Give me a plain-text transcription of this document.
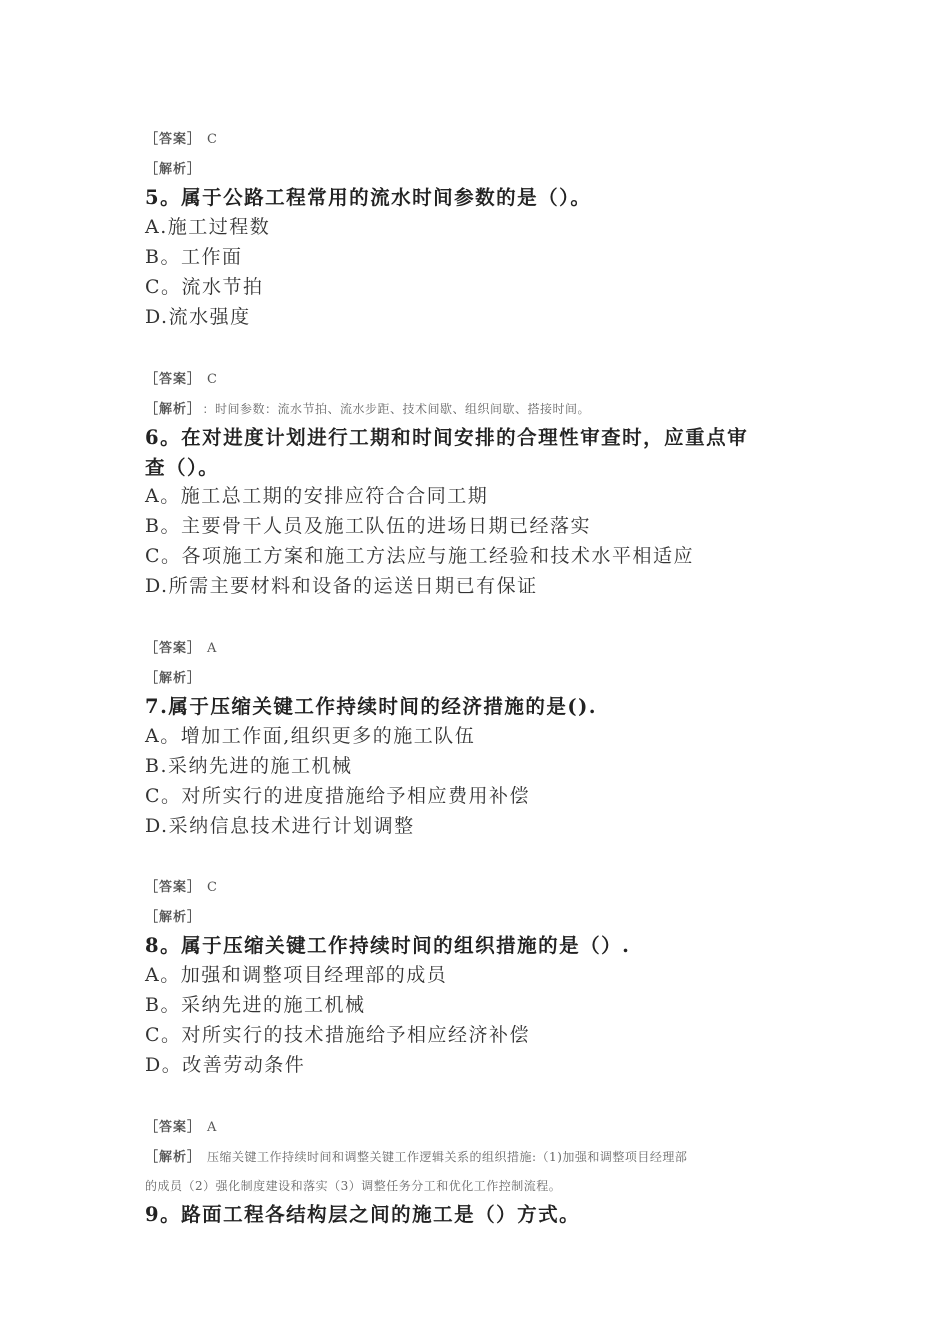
［答案］ C
［解析］
5。属于公路工程常用的流水时间参数的是（）。
A.施工过程数
B。工作面
C。流水节拍
D.流水强度
［答案］ C
［解析］ ：时间参数：流水节拍、流水步距、技术间歇、组织间歇、搭接时间。
6。在对进度计划进行工期和时间安排的合理性审查时，应重点审
查（）。
A。施工总工期的安排应符合合同工期
B。主要骨干人员及施工队伍的进场日期已经落实
C。各项施工方案和施工方法应与施工经验和技术水平相适应
D.所需主要材料和设备的运送日期已有保证
［答案］ A
［解析］
7.属于压缩关键工作持续时间的经济措施的是().
A。增加工作面,组织更多的施工队伍
B.采纳先进的施工机械
C。对所实行的进度措施给予相应费用补偿
D.采纳信息技术进行计划调整
［答案］ C
［解析］
8。属于压缩关键工作持续时间的组织措施的是（）.
A。加强和调整项目经理部的成员
B。采纳先进的施工机械
C。对所实行的技术措施给予相应经济补偿
D。改善劳动条件
［答案］ A
［解析］ 压缩关键工作持续时间和调整关键工作逻辑关系的组织措施:（1)加强和调整项目经理部
的成员（2）强化制度建设和落实（3）调整任务分工和优化工作控制流程。
9。路面工程各结构层之间的施工是（）方式。
